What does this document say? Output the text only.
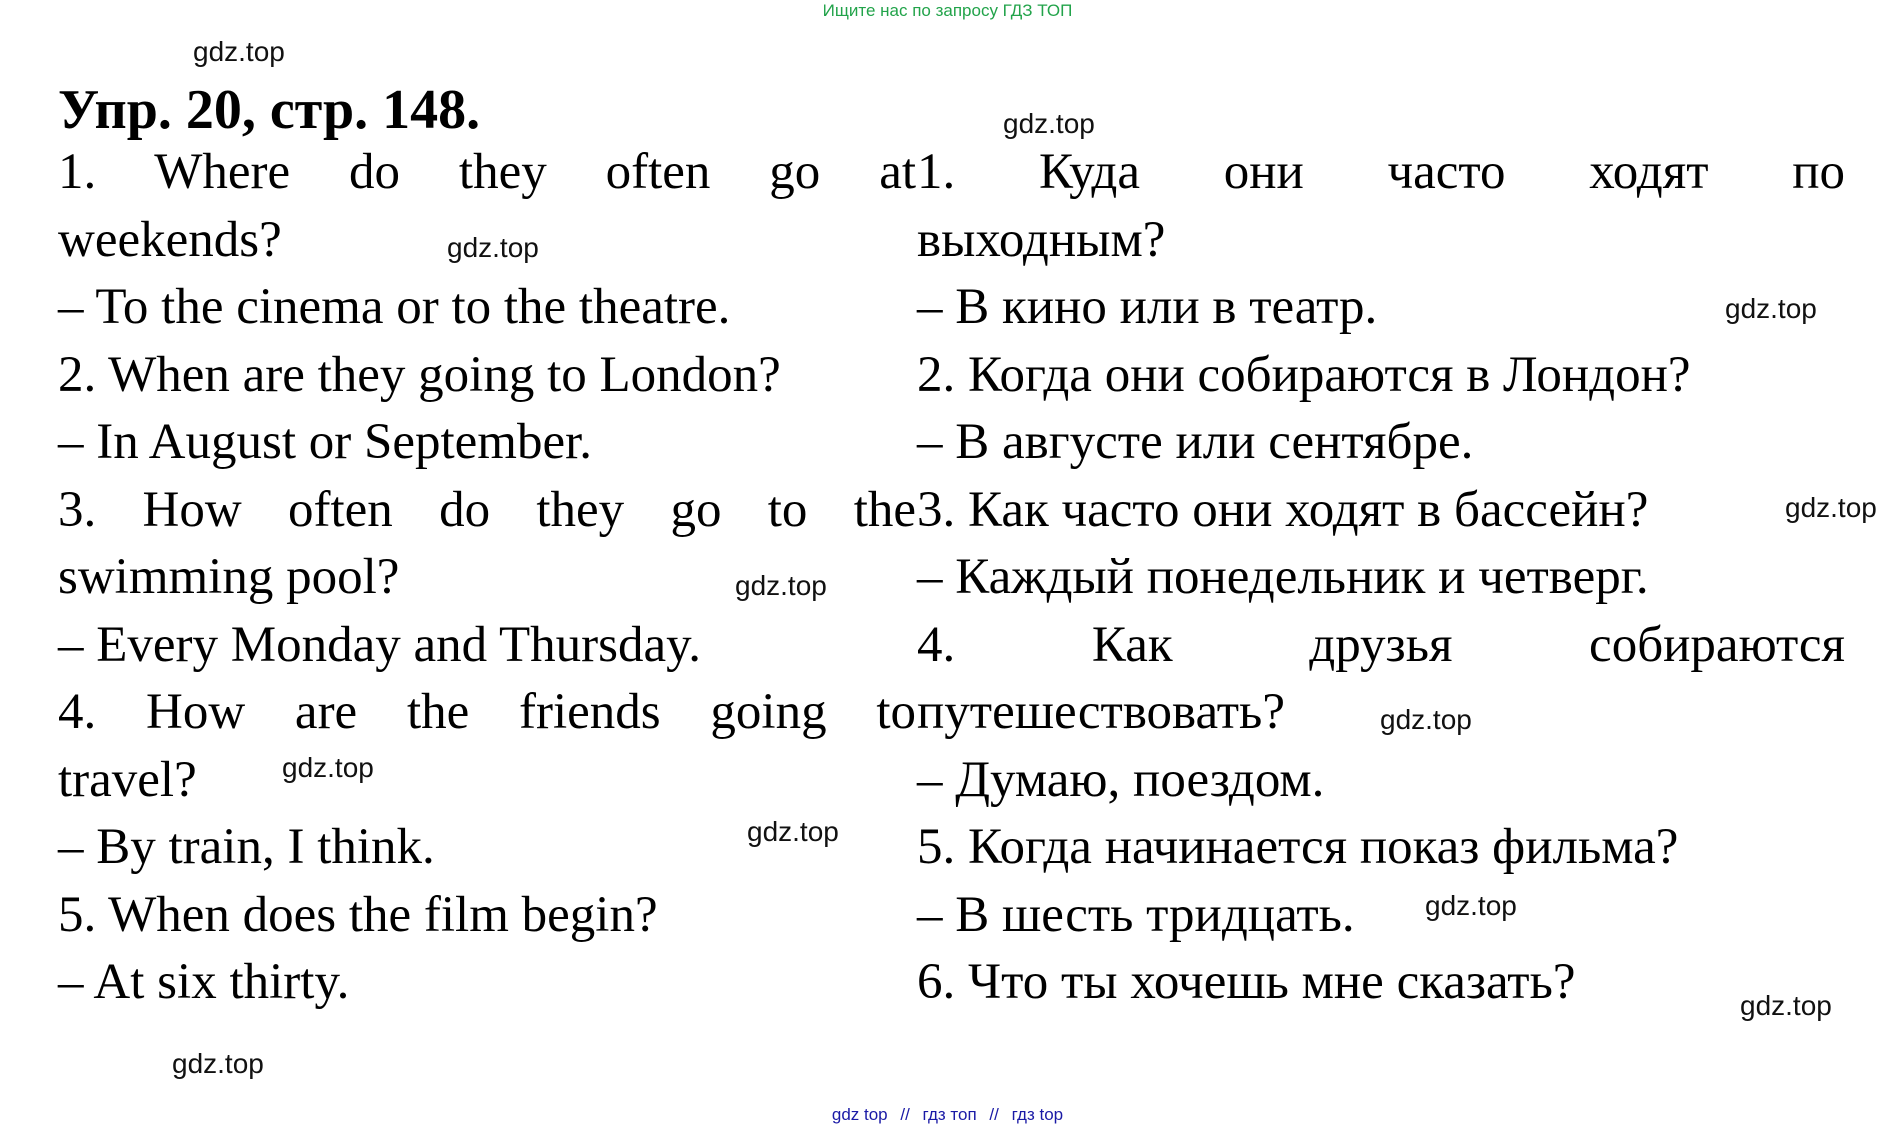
Ищите нас по запросу ГДЗ ТОП
Упр. 20, стр. 148.
1. Where do they often go at
weekends?
– To the cinema or to the theatre.
2. When are they going to London?
– In August or September.
3. How often do they go to the
swimming pool?
– Every Monday and Thursday.
4. How are the friends going to
travel?
– By train, I think.
5. When does the film begin?
– At six thirty.
1. Куда они часто ходят по
выходным?
– В кино или в театр.
2. Когда они собираются в Лондон?
– В августе или сентябре.
3. Как часто они ходят в бассейн?
– Каждый понедельник и четверг.
4. Как друзья собираются
путешествовать?
– Думаю, поездом.
5. Когда начинается показ фильма?
– В шесть тридцать.
6. Что ты хочешь мне сказать?
gdz.top
gdz.top
gdz.top
gdz.top
gdz.top
gdz.top
gdz.top
gdz.top
gdz.top
gdz.top
gdz.top
gdz.top
gdz top // гдз топ // гдз top
